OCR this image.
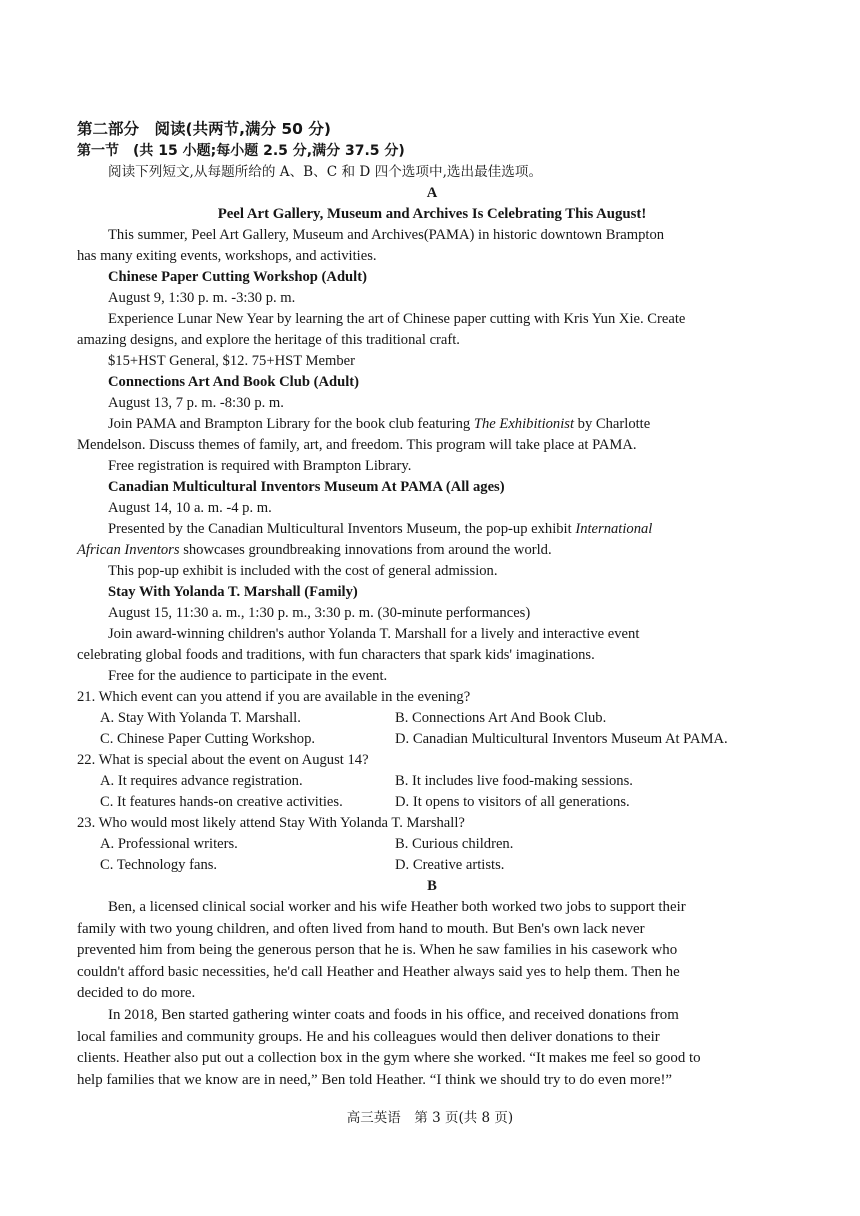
第二部分　阅读(共两节,满分 50 分)
第一节　(共 15 小题;每小题 2.5 分,满分 37.5 分)
阅读下列短文,从每题所给的 A、B、C 和 D 四个选项中,选出最佳选项。
A
Peel Art Gallery, Museum and Archives Is Celebrating This August!
This summer, Peel Art Gallery, Museum and Archives(PAMA) in historic downtown Brampton
has many exiting events, workshops, and activities.
Chinese Paper Cutting Workshop (Adult)
August 9, 1:30 p. m. -3:30 p. m.
Experience Lunar New Year by learning the art of Chinese paper cutting with Kris Yun Xie. Create
amazing designs, and explore the heritage of this traditional craft.
$15+HST General, $12. 75+HST Member
Connections Art And Book Club (Adult)
August 13, 7 p. m. -8:30 p. m.
Join PAMA and Brampton Library for the book club featuring The Exhibitionist by Charlotte
Mendelson. Discuss themes of family, art, and freedom. This program will take place at PAMA.
Free registration is required with Brampton Library.
Canadian Multicultural Inventors Museum At PAMA (All ages)
August 14, 10 a. m. -4 p. m.
Presented by the Canadian Multicultural Inventors Museum, the pop-up exhibit International
African Inventors showcases groundbreaking innovations from around the world.
This pop-up exhibit is included with the cost of general admission.
Stay With Yolanda T. Marshall (Family)
August 15, 11:30 a. m., 1:30 p. m., 3:30 p. m. (30-minute performances)
Join award-winning children's author Yolanda T. Marshall for a lively and interactive event
celebrating global foods and traditions, with fun characters that spark kids' imaginations.
Free for the audience to participate in the event.
21. Which event can you attend if you are available in the evening?
A. Stay With Yolanda T. Marshall.	B. Connections Art And Book Club.
C. Chinese Paper Cutting Workshop.	D. Canadian Multicultural Inventors Museum At PAMA.
22. What is special about the event on August 14?
A. It requires advance registration.	B. It includes live food-making sessions.
C. It features hands-on creative activities.	D. It opens to visitors of all generations.
23. Who would most likely attend Stay With Yolanda T. Marshall?
A. Professional writers.	B. Curious children.
C. Technology fans.	D. Creative artists.
B
Ben, a licensed clinical social worker and his wife Heather both worked two jobs to support their
family with two young children, and often lived from hand to mouth. But Ben's own lack never
prevented him from being the generous person that he is. When he saw families in his casework who
couldn't afford basic necessities, he'd call Heather and Heather always said yes to help them. Then he
decided to do more.
In 2018, Ben started gathering winter coats and foods in his office, and received donations from
local families and community groups. He and his colleagues would then deliver donations to their
clients. Heather also put out a collection box in the gym where she worked. “It makes me feel so good to
help families that we know are in need,” Ben told Heather. “I think we should try to do even more!”
高三英语　第 3 页(共 8 页)
